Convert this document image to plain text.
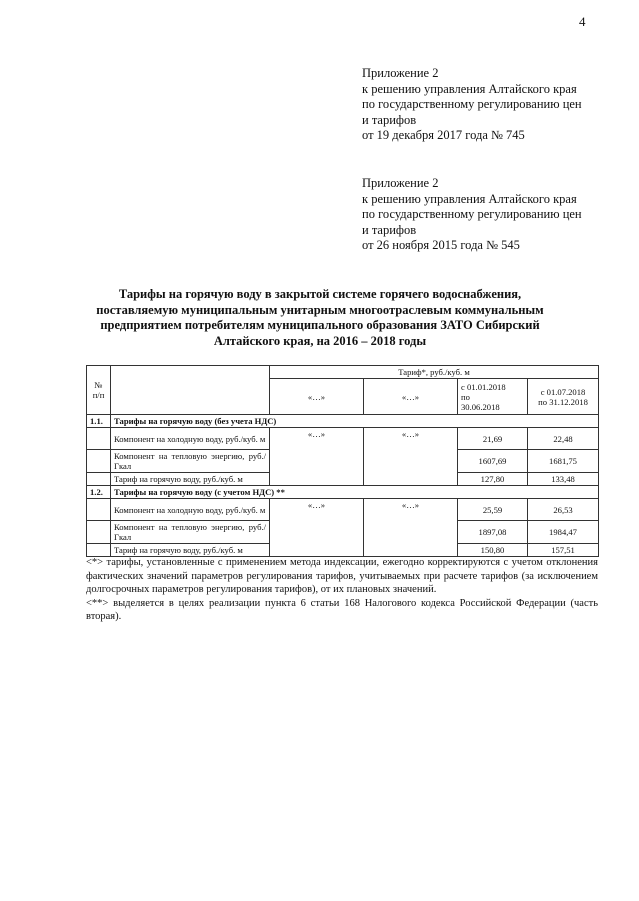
4
Приложение 2
к решению управления Алтайского края
по государственному регулированию цен
и тарифов
от 19 декабря 2017 года № 745
Приложение 2
к решению управления Алтайского края
по государственному регулированию цен
и тарифов
от 26 ноября 2015 года № 545
Тарифы на горячую воду в закрытой системе горячего водоснабжения, поставляемую муниципальным унитарным многоотраслевым коммунальным предприятием потребителям муниципального образования ЗАТО Сибирский Алтайского края, на 2016 – 2018 годы
№
п/п		Тариф*, руб./куб. м			
		«…»	«…»	с 01.01.2018
по
30.06.2018	с 01.07.2018
по 31.12.2018
1.1.	Тарифы на горячую воду (без учета НДС)				
	Компонент на холодную воду, руб./куб. м	«…»	«…»	21,69	22,48
	Компонент на тепловую энергию, руб./Гкал			1607,69	1681,75
	Тариф на горячую воду, руб./куб. м			127,80	133,48
1.2.	Тарифы на горячую воду (с учетом НДС) **				
	Компонент на холодную воду, руб./куб. м	«…»	«…»	25,59	26,53
	Компонент на тепловую энергию, руб./Гкал			1897,08	1984,47
	Тариф на горячую воду, руб./куб. м			150,80	157,51

<*> тарифы, установленные с применением метода индексации, ежегодно корректируются с учетом отклонения фактических значений параметров регулирования тарифов, учитываемых при расчете тарифов (за исключением долгосрочных параметров регулирования тарифов), от их плановых значений.

<**> выделяется в целях реализации пункта 6 статьи 168 Налогового кодекса Российской Федерации (часть вторая).
